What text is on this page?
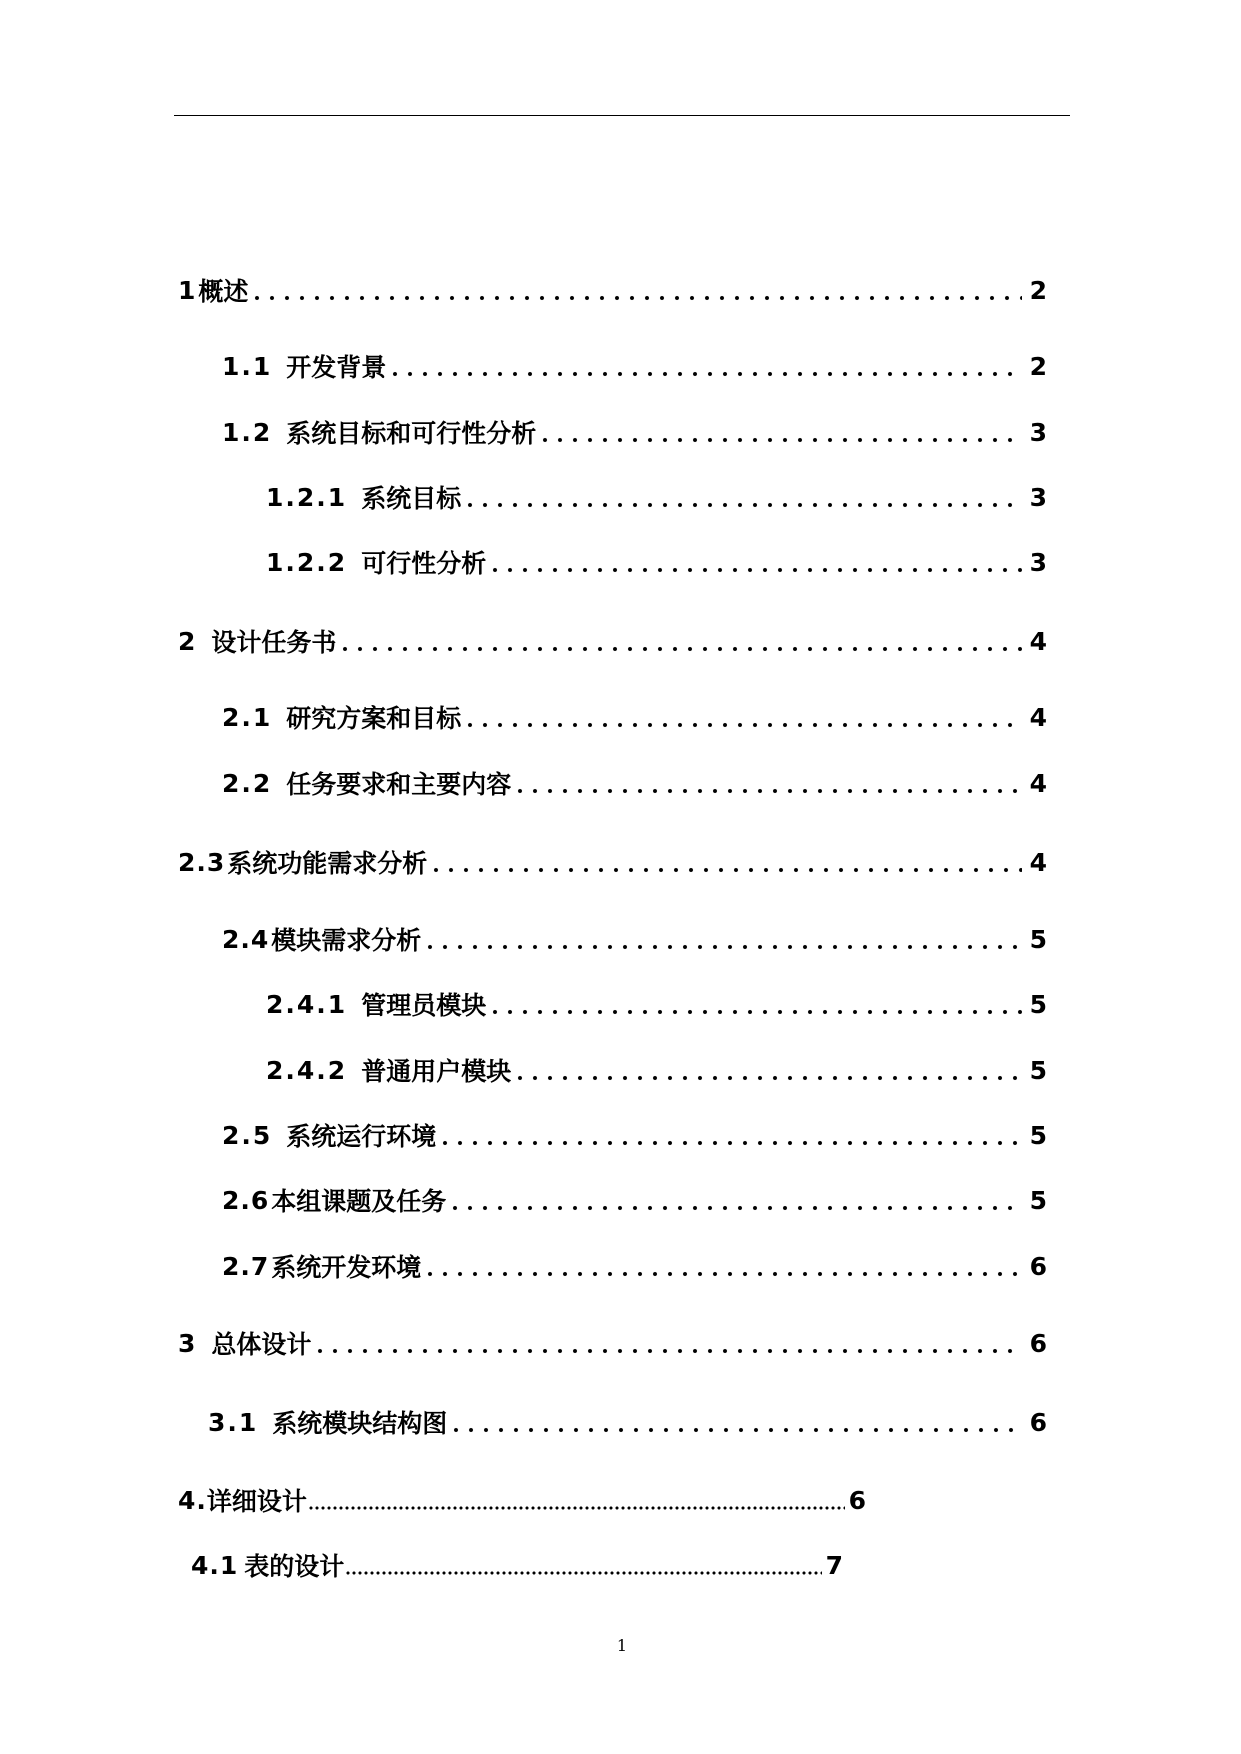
1 概述	2
1.1 开发背景	2
1.2 系统目标和可行性分析	3
1.2.1 系统目标	3
1.2.2 可行性分析	3
2 设计任务书	4
2.1 研究方案和目标	4
2.2 任务要求和主要内容	4
2.3 系统功能需求分析	4
2.4 模块需求分析	5
2.4.1 管理员模块	5
2.4.2 普通用户模块	5
2.5 系统运行环境	5
2.6 本组课题及任务	5
2.7 系统开发环境	6
3 总体设计	6
3.1 系统模块结构图	6
4. 详细设计	6
4.1 表的设计	7
1
